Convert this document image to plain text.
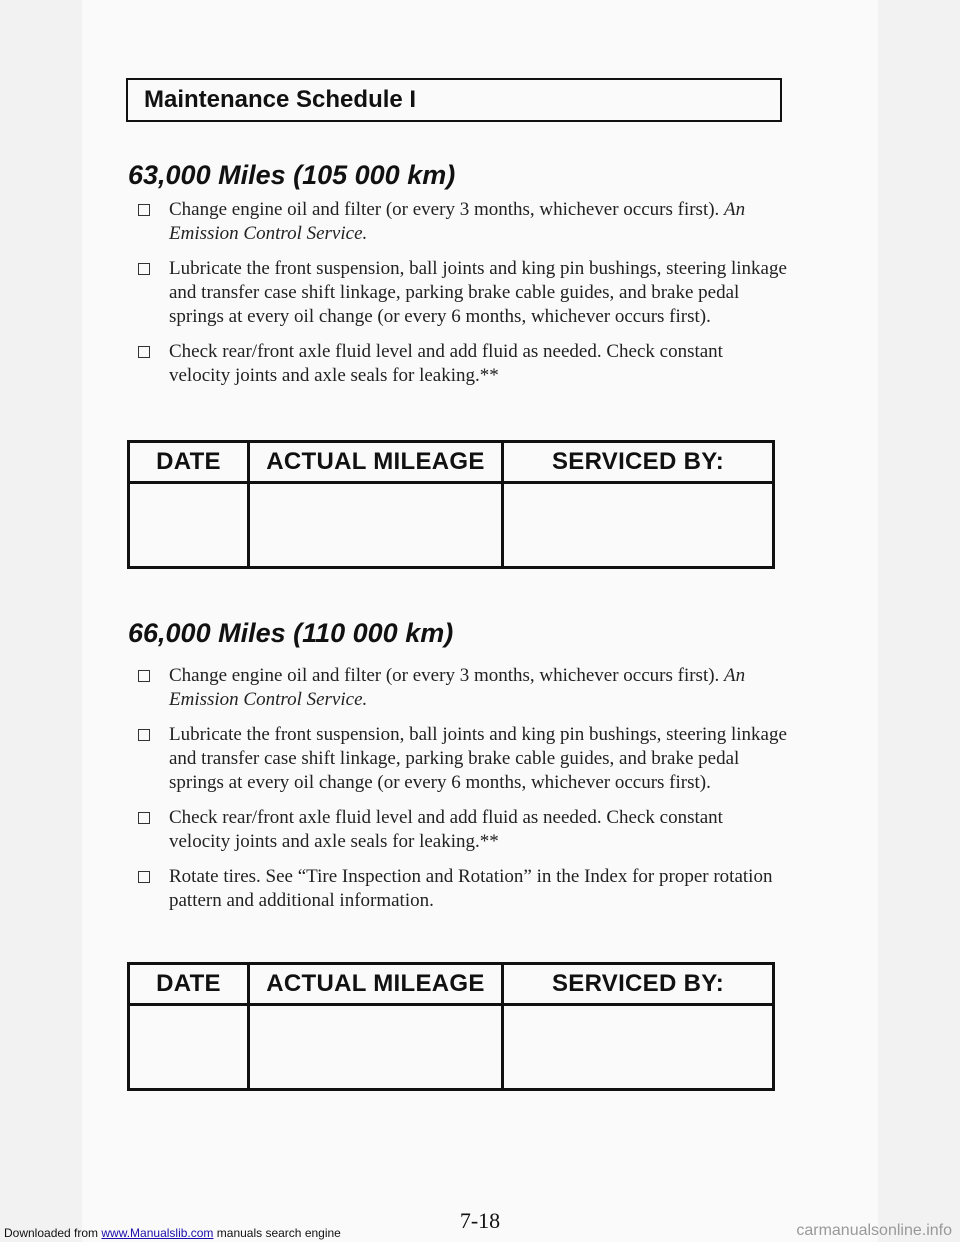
Maintenance Schedule I
63,000 Miles (105 000 km)
Change engine oil and filter (or every 3 months, whichever occurs first). An Emission Control Service.
Lubricate the front suspension, ball joints and king pin bushings, steering linkage and transfer case shift linkage, parking brake cable guides, and brake pedal springs at every oil change (or every 6 months, whichever occurs first).
Check rear/front axle fluid level and add fluid as needed. Check constant velocity joints and axle seals for leaking.**
DATE	ACTUAL MILEAGE	SERVICED BY:

66,000 Miles (110 000 km)
Change engine oil and filter (or every 3 months, whichever occurs first). An Emission Control Service.
Lubricate the front suspension, ball joints and king pin bushings, steering linkage and transfer case shift linkage, parking brake cable guides, and brake pedal springs at every oil change (or every 6 months, whichever occurs first).
Check rear/front axle fluid level and add fluid as needed. Check constant velocity joints and axle seals for leaking.**
Rotate tires. See “Tire Inspection and Rotation” in the Index for proper rotation pattern and additional information.
DATE	ACTUAL MILEAGE	SERVICED BY:

7-18
Downloaded from www.Manualslib.com manuals search engine	carmanualsonline.info
